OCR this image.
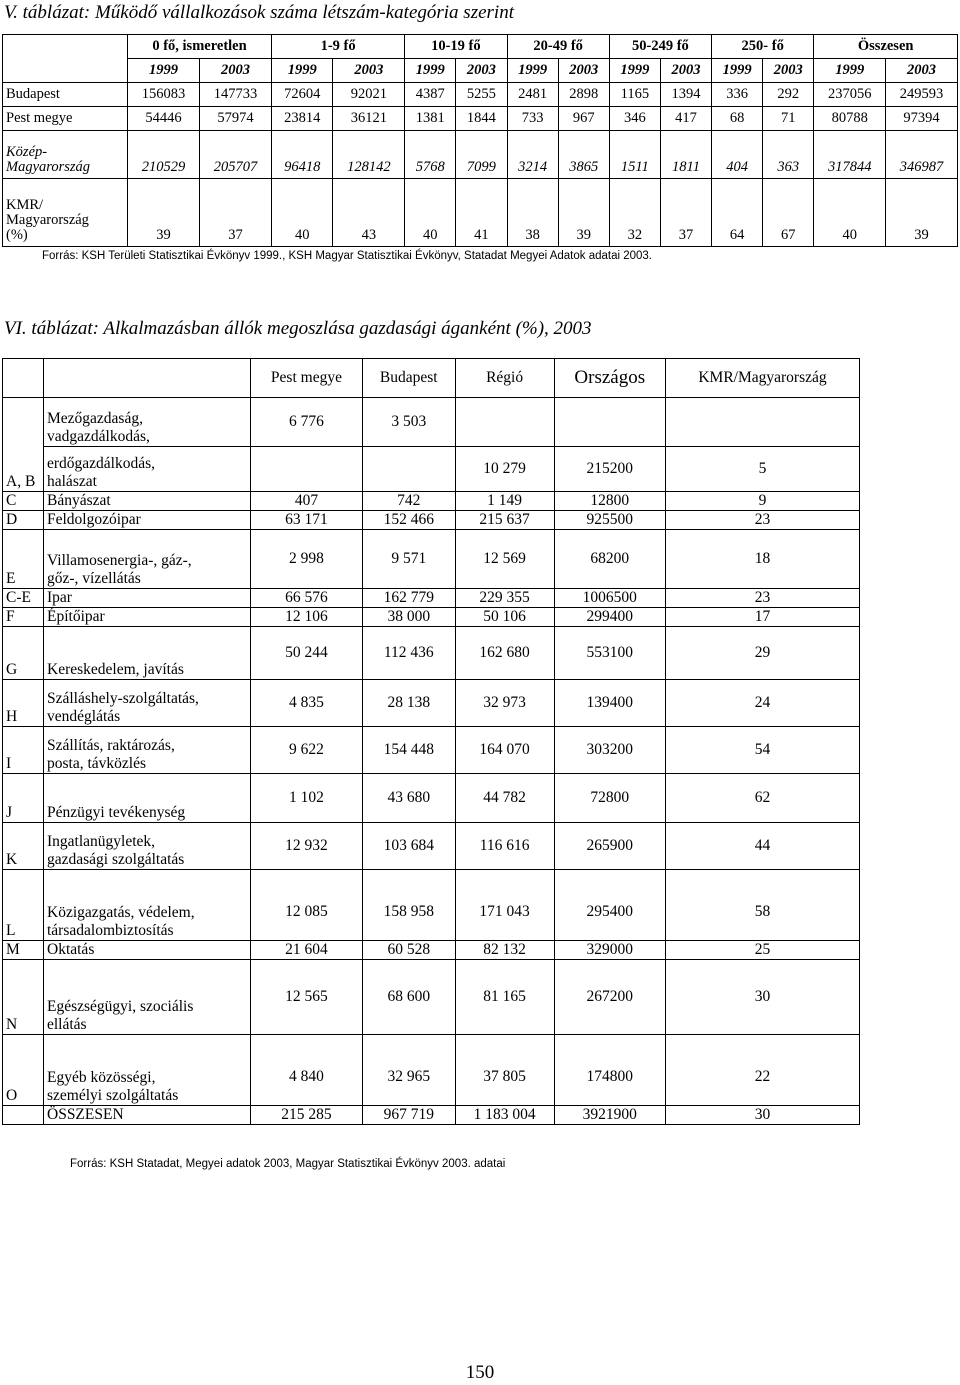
V. táblázat: Működő vállalkozások száma létszám-kategória szerint
	0 fő, ismeretlen		1-9 fő		10-19 fő		20-49 fő		50-249 fő		250- fő		Összesen	
	1999	2003	1999	2003	1999	2003	1999	2003	1999	2003	1999	2003	1999	2003
Budapest	156083	147733	72604	92021	4387	5255	2481	2898	1165	1394	336	292	237056	249593
Pest megye	54446	57974	23814	36121	1381	1844	733	967	346	417	68	71	80788	97394

Közép-
Magyarország	210529	205707	96418	128142	5768	7099	3214	3865	1511	1811	404	363	317844	346987

KMR/
Magyarország
(%)	39	37	40	43	40	41	38	39	32	37	64	67	40	39
Forrás: KSH Területi Statisztikai Évkönyv 1999., KSH Magyar Statisztikai Évkönyv, Statadat Megyei Adatok adatai 2003.
VI. táblázat: Alkalmazásban állók megoszlása gazdasági áganként (%), 2003
		Pest megye	Budapest	Régió	Országos	KMR/Magyarország
A, B	Mezőgazdaság,
vadgazdálkodás,	6 776	3 503			

	erdőgazdálkodás,
halászat			10 279	215200	5
C	Bányászat	407	742	1 149	12800	9
D	Feldolgozóipar	63 171	152 466	215 637	925500	23
E	Villamosenergia-, gáz-,
gőz-, vízellátás	2 998	9 571	12 569	68200	18
C-E	Ipar	66 576	162 779	229 355	1006500	23
F	Építőipar	12 106	38 000	50 106	299400	17
G	Kereskedelem, javítás	50 244	112 436	162 680	553100	29
H	Szálláshely-szolgáltatás,
vendéglátás	4 835	28 138	32 973	139400	24
I	Szállítás, raktározás,
posta, távközlés	9 622	154 448	164 070	303200	54
J	Pénzügyi tevékenység	1 102	43 680	44 782	72800	62
K	Ingatlanügyletek,
gazdasági szolgáltatás	12 932	103 684	116 616	265900	44
L	Közigazgatás, védelem,
társadalombiztosítás	12 085	158 958	171 043	295400	58
M	Oktatás	21 604	60 528	82 132	329000	25
N	Egészségügyi, szociális
ellátás	12 565	68 600	81 165	267200	30
O	Egyéb közösségi,
személyi szolgáltatás	4 840	32 965	37 805	174800	22
	ÖSSZESEN	215 285	967 719	1 183 004	3921900	30
Forrás: KSH Statadat, Megyei adatok 2003, Magyar Statisztikai Évkönyv 2003. adatai
150
